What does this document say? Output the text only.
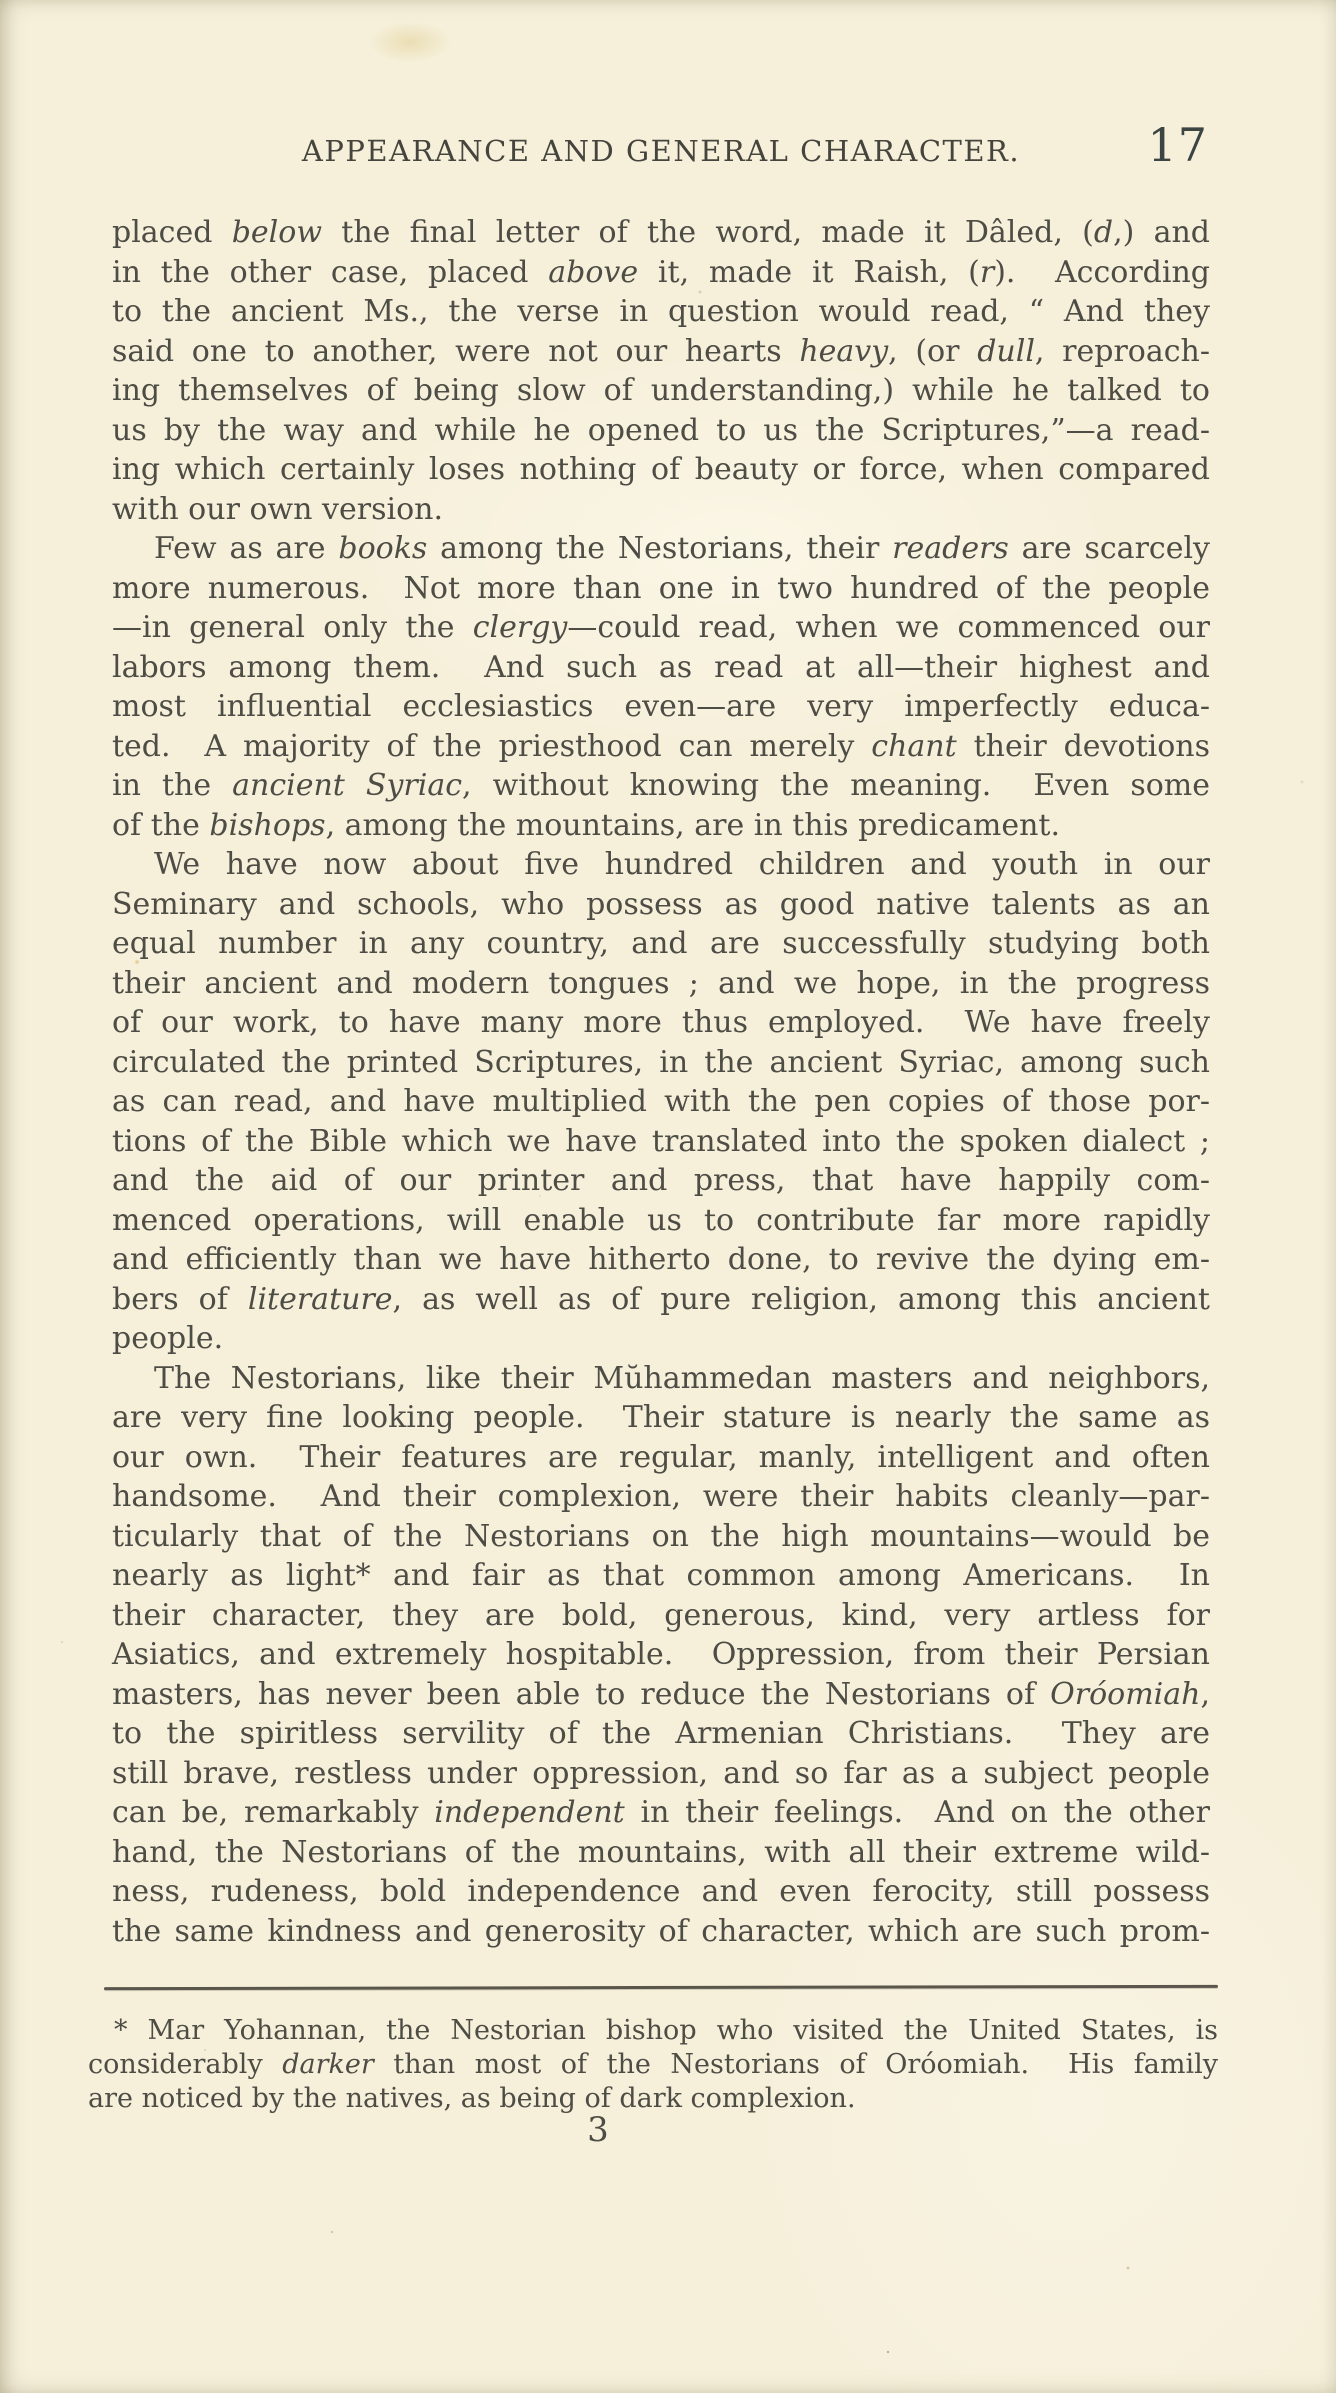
APPEARANCE AND GENERAL CHARACTER.	17
placed below the final letter of the word, made it Dâled, (d,) and
in the other case, placed above it, made it Raish, (r).  According
to the ancient Ms., the verse in question would read, “ And they
said one to another, were not our hearts heavy, (or dull, reproach-
ing themselves of being slow of understanding,) while he talked to
us by the way and while he opened to us the Scriptures,”—a read-
ing which certainly loses nothing of beauty or force, when compared
with our own version.
Few as are books among the Nestorians, their readers are scarcely
more numerous.  Not more than one in two hundred of the people
—in general only the clergy—could read, when we commenced our
labors among them.  And such as read at all—their highest and
most influential ecclesiastics even—are very imperfectly educa-
ted.  A majority of the priesthood can merely chant their devotions
in the ancient Syriac, without knowing the meaning.  Even some
of the bishops, among the mountains, are in this predicament.
We have now about five hundred children and youth in our
Seminary and schools, who possess as good native talents as an
equal number in any country, and are successfully studying both
their ancient and modern tongues ; and we hope, in the progress
of our work, to have many more thus employed.  We have freely
circulated the printed Scriptures, in the ancient Syriac, among such
as can read, and have multiplied with the pen copies of those por-
tions of the Bible which we have translated into the spoken dialect ;
and the aid of our printer and press, that have happily com-
menced operations, will enable us to contribute far more rapidly
and efficiently than we have hitherto done, to revive the dying em-
bers of literature, as well as of pure religion, among this ancient
people.
The Nestorians, like their Mŭhammedan masters and neighbors,
are very fine looking people.  Their stature is nearly the same as
our own.  Their features are regular, manly, intelligent and often
handsome.  And their complexion, were their habits cleanly—par-
ticularly that of the Nestorians on the high mountains—would be
nearly as light* and fair as that common among Americans.  In
their character, they are bold, generous, kind, very artless for
Asiatics, and extremely hospitable.  Oppression, from their Persian
masters, has never been able to reduce the Nestorians of Oróomiah,
to the spiritless servility of the Armenian Christians.  They are
still brave, restless under oppression, and so far as a subject people
can be, remarkably independent in their feelings.  And on the other
hand, the Nestorians of the mountains, with all their extreme wild-
ness, rudeness, bold independence and even ferocity, still possess
the same kindness and generosity of character, which are such prom-
* Mar Yohannan, the Nestorian bishop who visited the United States, is
considerably darker than most of the Nestorians of Oróomiah.  His family
are noticed by the natives, as being of dark complexion.
3
